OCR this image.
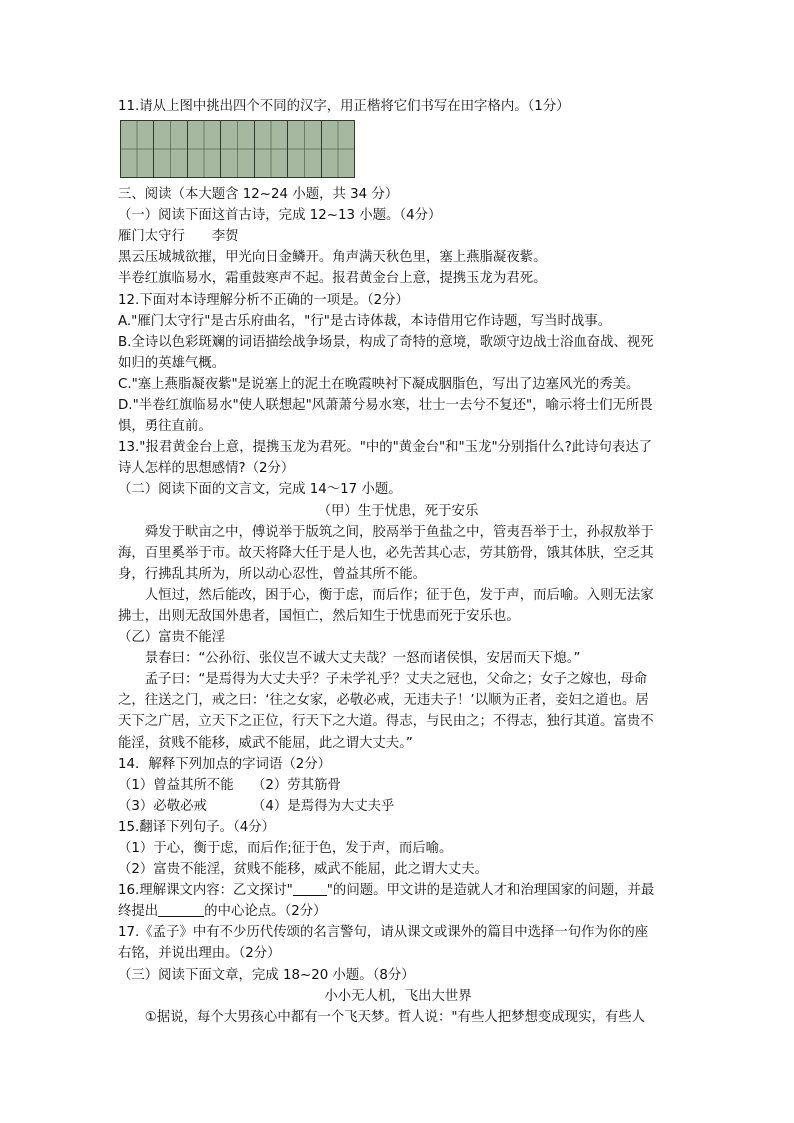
11.请从上图中挑出四个不同的汉字，用正楷将它们书写在田字格内。（1分）
三、阅读（本大题含 12~24 小题，共 34 分）
（一）阅读下面这首古诗，完成 12~13 小题。（4分）
雁门太守行　　李贺
黑云压城城欲摧，甲光向日金鳞开。角声满天秋色里，塞上燕脂凝夜紫。
半卷红旗临易水，霜重鼓寒声不起。报君黄金台上意，提携玉龙为君死。
12.下面对本诗理解分析不正确的一项是。（2分）
A."雁门太守行"是古乐府曲名，"行"是古诗体裁，本诗借用它作诗题，写当时战事。
B.全诗以色彩斑斓的词语描绘战争场景，构成了奇特的意境，歌颂守边战士浴血奋战、视死
如归的英雄气概。
C."塞上燕脂凝夜紫"是说塞上的泥土在晚霞映衬下凝成胭脂色，写出了边塞风光的秀美。
D."半卷红旗临易水"使人联想起"风萧萧兮易水寒，壮士一去兮不复还"，喻示将士们无所畏
惧，勇往直前。
13."报君黄金台上意，提携玉龙为君死。"中的"黄金台"和"玉龙"分别指什么?此诗句表达了
诗人怎样的思想感情?（2分）
（二）阅读下面的文言文，完成 14～17 小题。
（甲）生于忧患，死于安乐
舜发于畎亩之中，傅说举于版筑之间，胶鬲举于鱼盐之中，管夷吾举于士，孙叔敖举于
海，百里奚举于市。故天将降大任于是人也，必先苦其心志，劳其筋骨，饿其体肤，空乏其
身，行拂乱其所为，所以动心忍性，曾益其所不能。
人恒过，然后能改，困于心，衡于虑，而后作；征于色，发于声，而后喻。入则无法家
拂士，出则无敌国外患者，国恒亡，然后知生于忧患而死于安乐也。
（乙）富贵不能淫
景春曰：“公孙衍、张仪岂不诚大丈夫哉？一怒而诸侯惧，安居而天下熄。”
孟子曰：“是焉得为大丈夫乎？子未学礼乎？丈夫之冠也，父命之；女子之嫁也，母命
之，往送之门，戒之曰：‘往之女家，必敬必戒，无违夫子！’以顺为正者，妾妇之道也。居
天下之广居，立天下之正位，行天下之大道。得志，与民由之；不得志，独行其道。富贵不
能淫，贫贱不能移，威武不能屈，此之谓大丈夫。”
14．解释下列加点的字词语（2分）
（1）曾益其所不能 （2）劳其筋骨
（3）必敬必戒	（4）是焉得为大丈夫乎
15.翻译下列句子。（4分）
（1）于心，衡于虑，而后作;征于色，发于声，而后喻。
（2）富贵不能淫，贫贱不能移，威武不能屈，此之谓大丈夫。
16.理解课文内容：乙文探讨"	"的问题。甲文讲的是造就人才和治理国家的问题，并最
终提出	的中心论点。（2分）
17.《孟子》中有不少历代传颂的名言警句，请从课文或课外的篇目中选择一句作为你的座
右铭，并说出理由。（2分）
（三）阅读下面文章，完成 18~20 小题。（8分）
小小无人机，飞出大世界
①据说，每个大男孩心中都有一个飞天梦。哲人说："有些人把梦想变成现实，有些人
